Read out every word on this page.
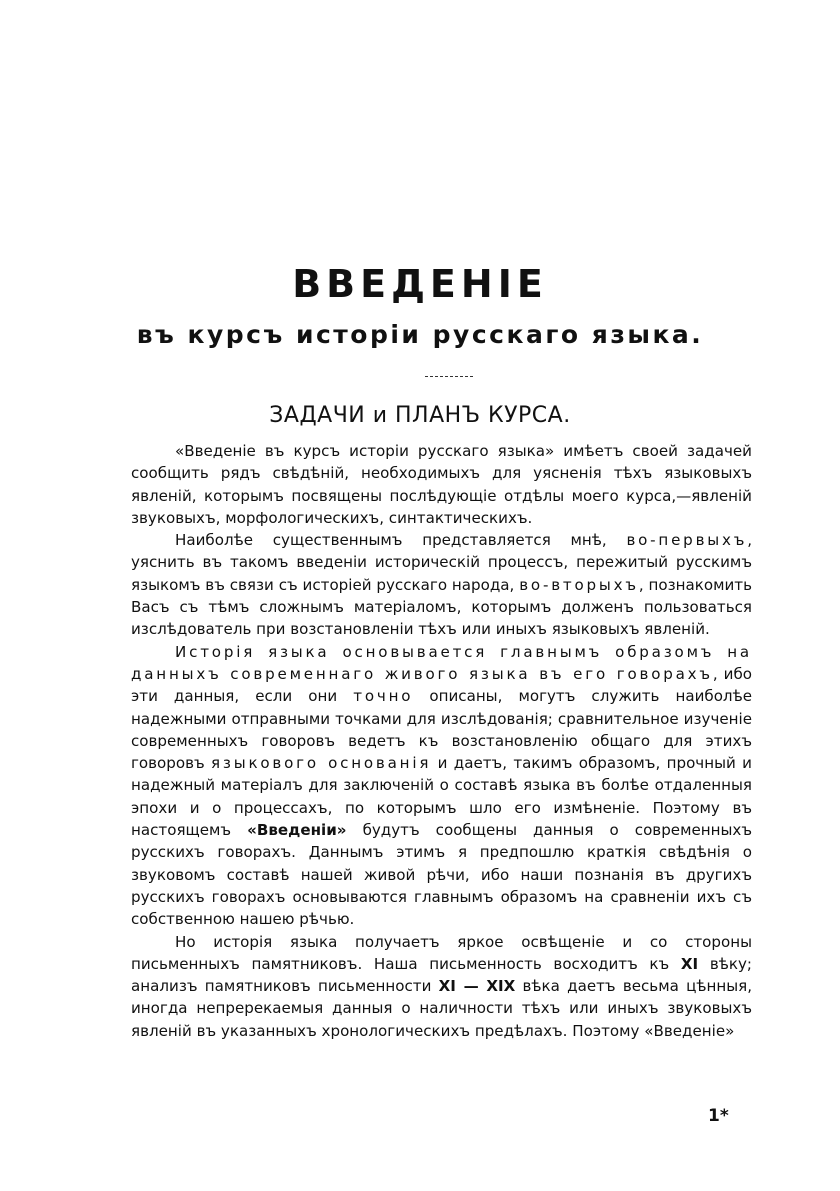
ВВЕДЕНІЕ
въ курсъ исторіи русскаго языка.
ЗАДАЧИ и ПЛАНЪ КУРСА.

«Введеніе въ курсъ исторіи русскаго языка» имѣетъ своей задачей сообщить рядъ свѣдѣній, необходимыхъ для уясненія тѣхъ языковыхъ явленій, которымъ посвящены послѣдующіе отдѣлы моего курса,—явленій звуковыхъ, морфологическихъ, синтактическихъ.

Наиболѣе существеннымъ представляется мнѣ, во-первыхъ, уяснить въ такомъ введеніи историческій процессъ, пережитый русскимъ языкомъ въ связи съ исторіей русскаго народа, во-вторыхъ, познакомить Васъ съ тѣмъ сложнымъ матеріаломъ, которымъ долженъ пользоваться изслѣдователь при возстановленіи тѣхъ или иныхъ языковыхъ явленій.

Исторія языка основывается главнымъ образомъ на данныхъ современнаго живого языка въ его говорахъ, ибо эти данныя, если они точно описаны, могутъ служить наиболѣе надежными отправными точками для изслѣдованія; сравнительное изученіе современныхъ говоровъ ведетъ къ возстановленію общаго для этихъ говоровъ языкового основанія и даетъ, такимъ образомъ, прочный и надежный матеріалъ для заключеній о составѣ языка въ болѣе отдаленныя эпохи и о процессахъ, по которымъ шло его измѣненіе. Поэтому въ настоящемъ «Введеніи» будутъ сообщены данныя о современныхъ русскихъ говорахъ. Даннымъ этимъ я предпошлю краткія свѣдѣнія о звуковомъ составѣ нашей живой рѣчи, ибо наши познанія въ другихъ русскихъ говорахъ основываются главнымъ образомъ на сравненіи ихъ съ собственною нашею рѣчью.

Но исторія языка получаетъ яркое освѣщеніе и со стороны письменныхъ памятниковъ. Наша письменность восходитъ къ XI вѣку; анализъ памятниковъ письменности XI — XIX вѣка даетъ весьма цѣнныя, иногда непререкаемыя данныя о наличности тѣхъ или иныхъ звуковыхъ явленій въ указанныхъ хронологическихъ предѣлахъ. Поэтому «Введеніе»

1*
